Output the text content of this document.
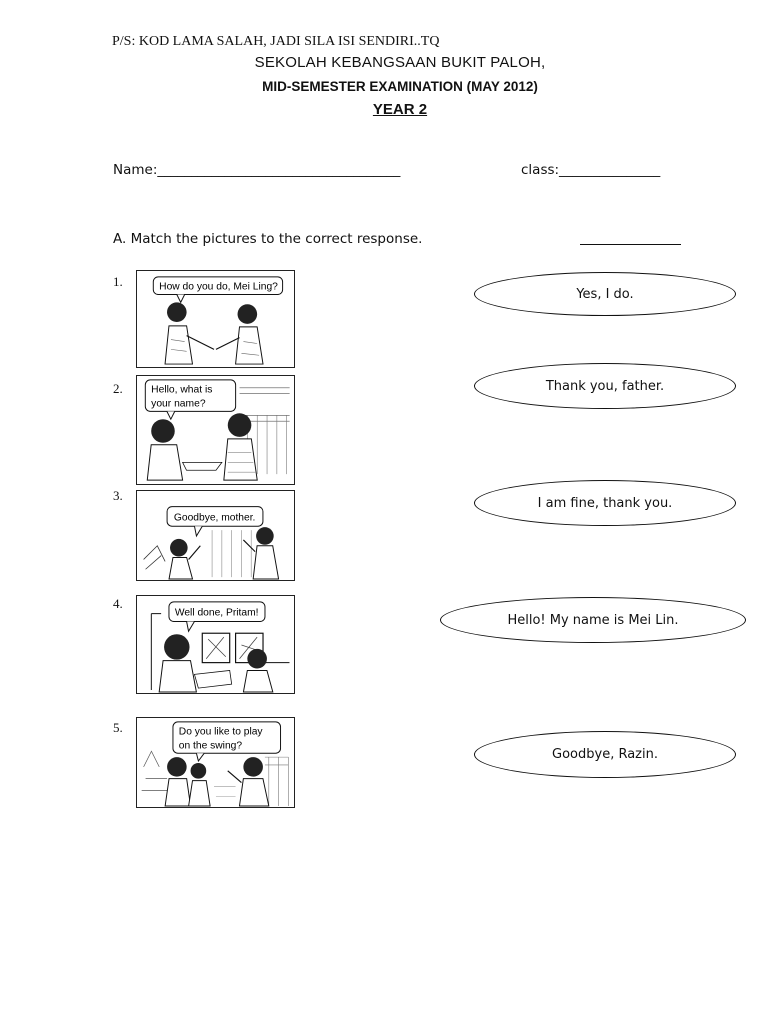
P/S: KOD LAMA SALAH, JADI SILA ISI SENDIRI..TQ
SEKOLAH KEBANGSAAN BUKIT PALOH,
MID-SEMESTER EXAMINATION (MAY 2012)
YEAR 2
Name:____________________________________	class:_______________
A. Match the pictures to the correct response.
1.
2.
3.
4.
5.
How do you do, Mei Ling?
Hello, what is
your name?
Goodbye, mother.
Well done, Pritam!
Do you like to play
on the swing?
Yes, I do.
Thank you, father.
I am fine, thank you.
Hello! My name is Mei Lin.
Goodbye, Razin.
